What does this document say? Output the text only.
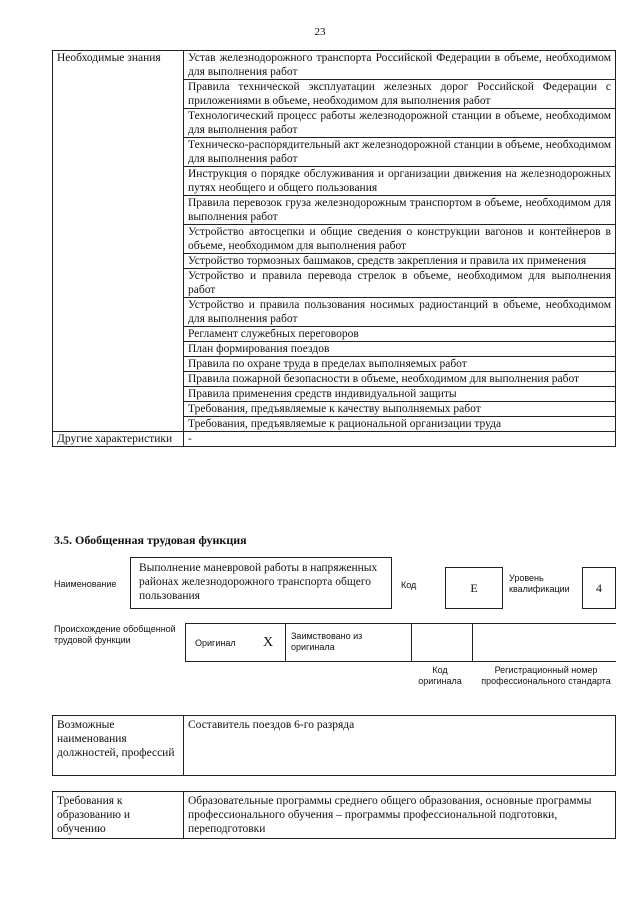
23
Необходимые знания	Устав железнодорожного транспорта Российской Федерации в объеме, необходимом для выполнения работ
	Правила технической эксплуатации железных дорог Российской Федерации с приложениями в объеме, необходимом для выполнения работ
	Технологический процесс работы железнодорожной станции в объеме, необходимом для выполнения работ
	Техническо-распорядительный акт железнодорожной станции в объеме, необходимом для выполнения работ
	Инструкция о порядке обслуживания и организации движения на железнодорожных путях необщего и общего пользования
	Правила перевозок груза железнодорожным транспортом в объеме, необходимом для выполнения работ
	Устройство автосцепки и общие сведения о конструкции вагонов и контейнеров в объеме, необходимом для выполнения работ
	Устройство тормозных башмаков, средств закрепления и правила их применения
	Устройство и правила перевода стрелок в объеме, необходимом для выполнения работ
	Устройство и правила пользования носимых радиостанций в объеме, необходимом для выполнения работ
	Регламент служебных переговоров
	План формирования поездов
	Правила по охране труда в пределах выполняемых работ
	Правила пожарной безопасности в объеме, необходимом для выполнения работ
	Правила применения средств индивидуальной защиты
	Требования, предъявляемые к качеству выполняемых работ
	Требования, предъявляемые к рациональной организации труда
Другие характеристики	-
3.5. Обобщенная трудовая функция
Наименование
Выполнение маневровой работы в напряженных районах железнодорожного транспорта общего пользования
Код	E
Уровень квалификации	4
Происхождение обобщенной трудовой функции	Оригинал X Заимствовано из оригинала
Код оригинала
Регистрационный номер профессионального стандарта
Возможные наименования должностей, профессий	Составитель поездов 6-го разряда
Требования к образованию и обучению	Образовательные программы среднего общего образования, основные программы профессионального обучения – программы профессиональной подготовки, переподготовки
